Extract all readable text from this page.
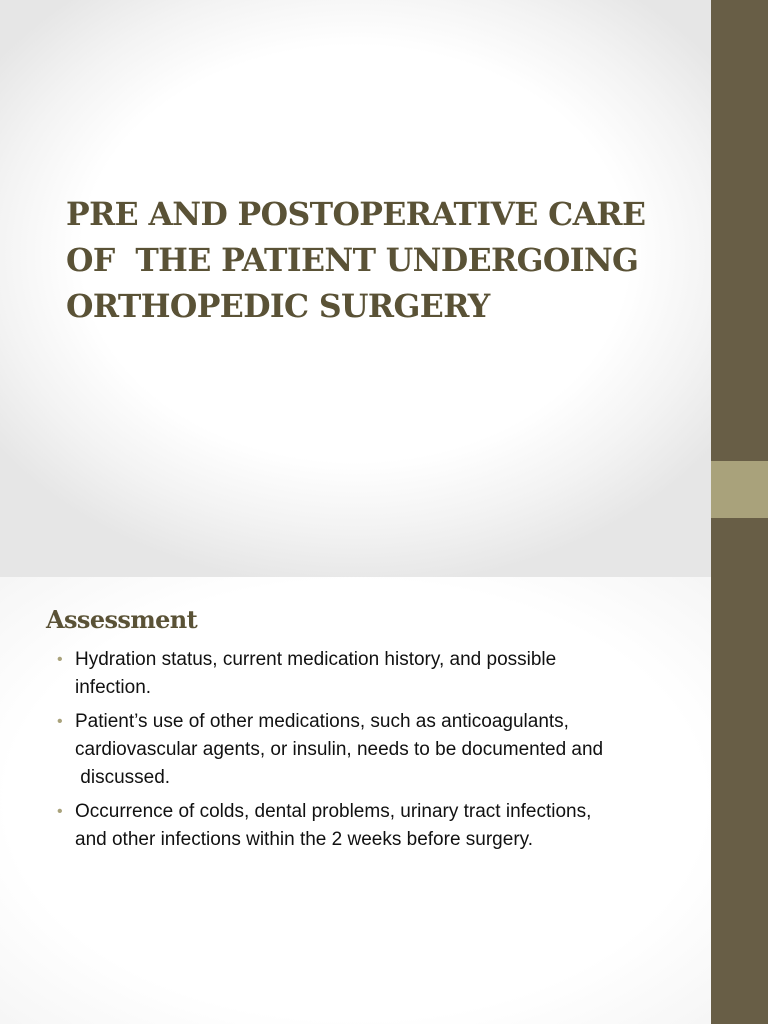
PRE AND POSTOPERATIVE CARE
OF  THE PATIENT UNDERGOING
ORTHOPEDIC SURGERY
Assessment
• Hydration status, current medication history, and possible
infection.
• Patient’s use of other medications, such as anticoagulants,
cardiovascular agents, or insulin, needs to be documented and
discussed.
• Occurrence of colds, dental problems, urinary tract infections,
and other infections within the 2 weeks before surgery.
